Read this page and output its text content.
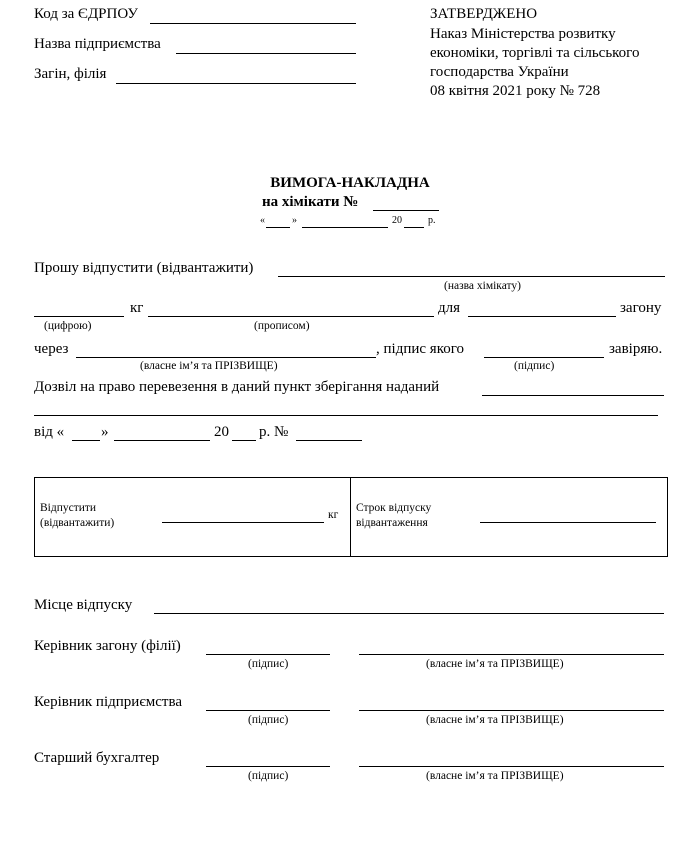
Код за ЄДРПОУ
Назва підприємства
Загін, філія
ЗАТВЕРДЖЕНО
Наказ Міністерства розвитку
економіки, торгівлі та сільського
господарства України
08 квітня 2021 року № 728
ВИМОГА-НАКЛАДНА
на хімікати №
«	»	20	р.
Прошу відпустити (відвантажити)
(назва хімікату)
кг	для	загону
(цифрою)	(прописом)
через	, підпис якого	завіряю.
(власне ім’я та ПРІЗВИЩЕ)	(підпис)
Дозвіл на право перевезення в даний пункт зберігання наданий
від « »	20 р. №
Відпустити
(відвантажити)
кг
Строк відпуску
відвантаження
Місце відпуску
Керівник загону (філії)
(підпис)	(власне ім’я та ПРІЗВИЩЕ)
Керівник підприємства
(підпис)	(власне ім’я та ПРІЗВИЩЕ)
Старший бухгалтер
(підпис)	(власне ім’я та ПРІЗВИЩЕ)
